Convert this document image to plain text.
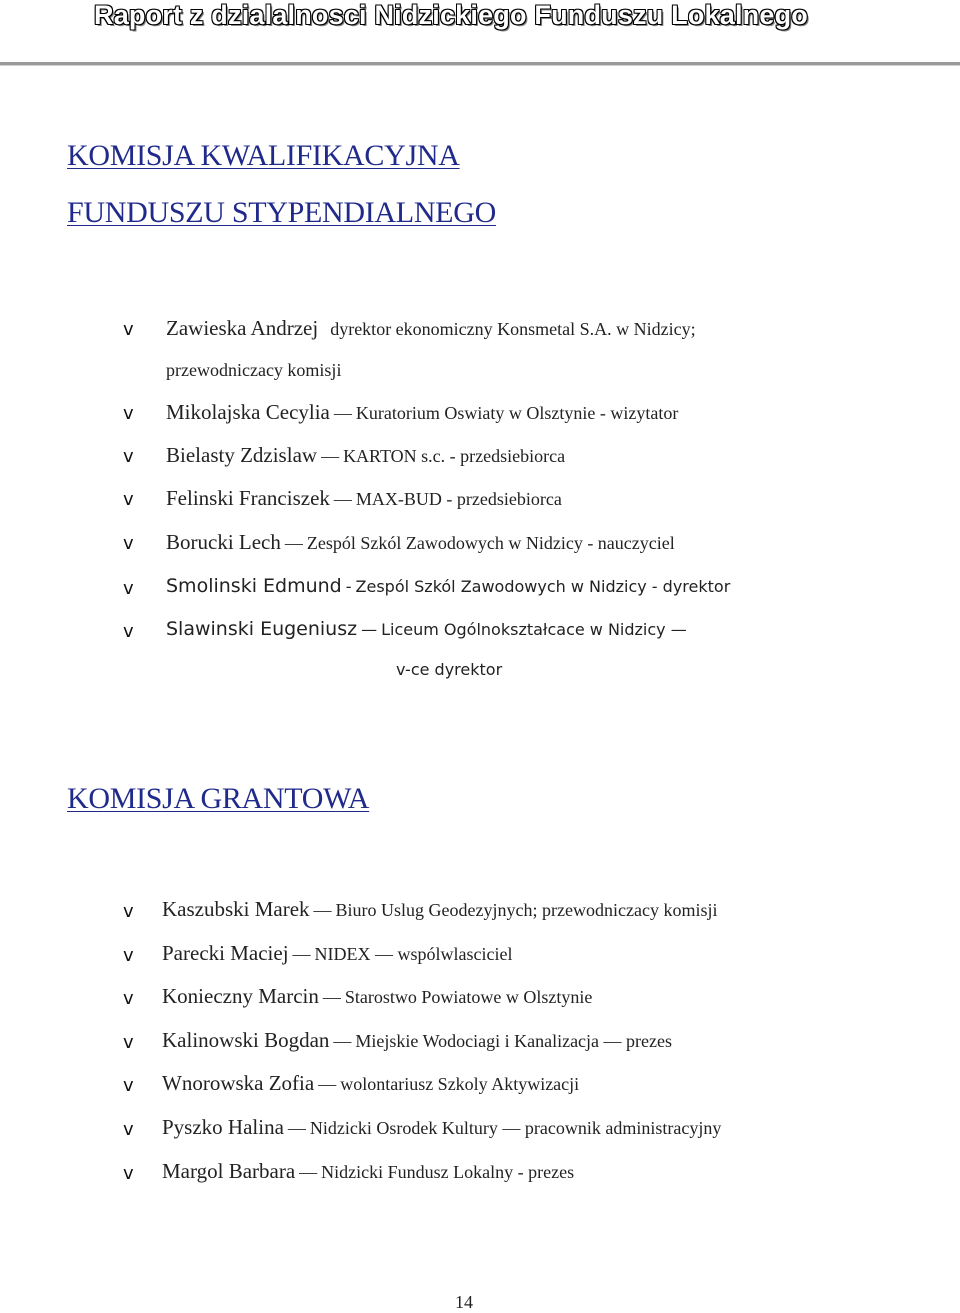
Raport z dzialalnosci Nidzickiego Funduszu Lokalnego
KOMISJA KWALIFIKACYJNA
FUNDUSZU STYPENDIALNEGO
v Zawieska Andrzej dyrektor ekonomiczny Konsmetal S.A. w Nidzicy;
przewodniczacy komisji
v Mikolajska Cecylia — Kuratorium Oswiaty w Olsztynie - wizytator
v Bielasty Zdzislaw — KARTON s.c. - przedsiebiorca
v Felinski Franciszek — MAX-BUD - przedsiebiorca
v Borucki Lech — Zespól Szkól Zawodowych w Nidzicy - nauczyciel
v Smolinski Edmund - Zespól Szkól Zawodowych w Nidzicy - dyrektor
v Slawinski Eugeniusz — Liceum Ogólnokształcace w Nidzicy —
v-ce dyrektor
KOMISJA GRANTOWA
v Kaszubski Marek — Biuro Uslug Geodezyjnych; przewodniczacy komisji
v Parecki Maciej — NIDEX — wspólwlasciciel
v Konieczny Marcin — Starostwo Powiatowe w Olsztynie
v Kalinowski Bogdan — Miejskie Wodociagi i Kanalizacja — prezes
v Wnorowska Zofia — wolontariusz Szkoly Aktywizacji
v Pyszko Halina — Nidzicki Osrodek Kultury — pracownik administracyjny
v Margol Barbara — Nidzicki Fundusz Lokalny - prezes
14
